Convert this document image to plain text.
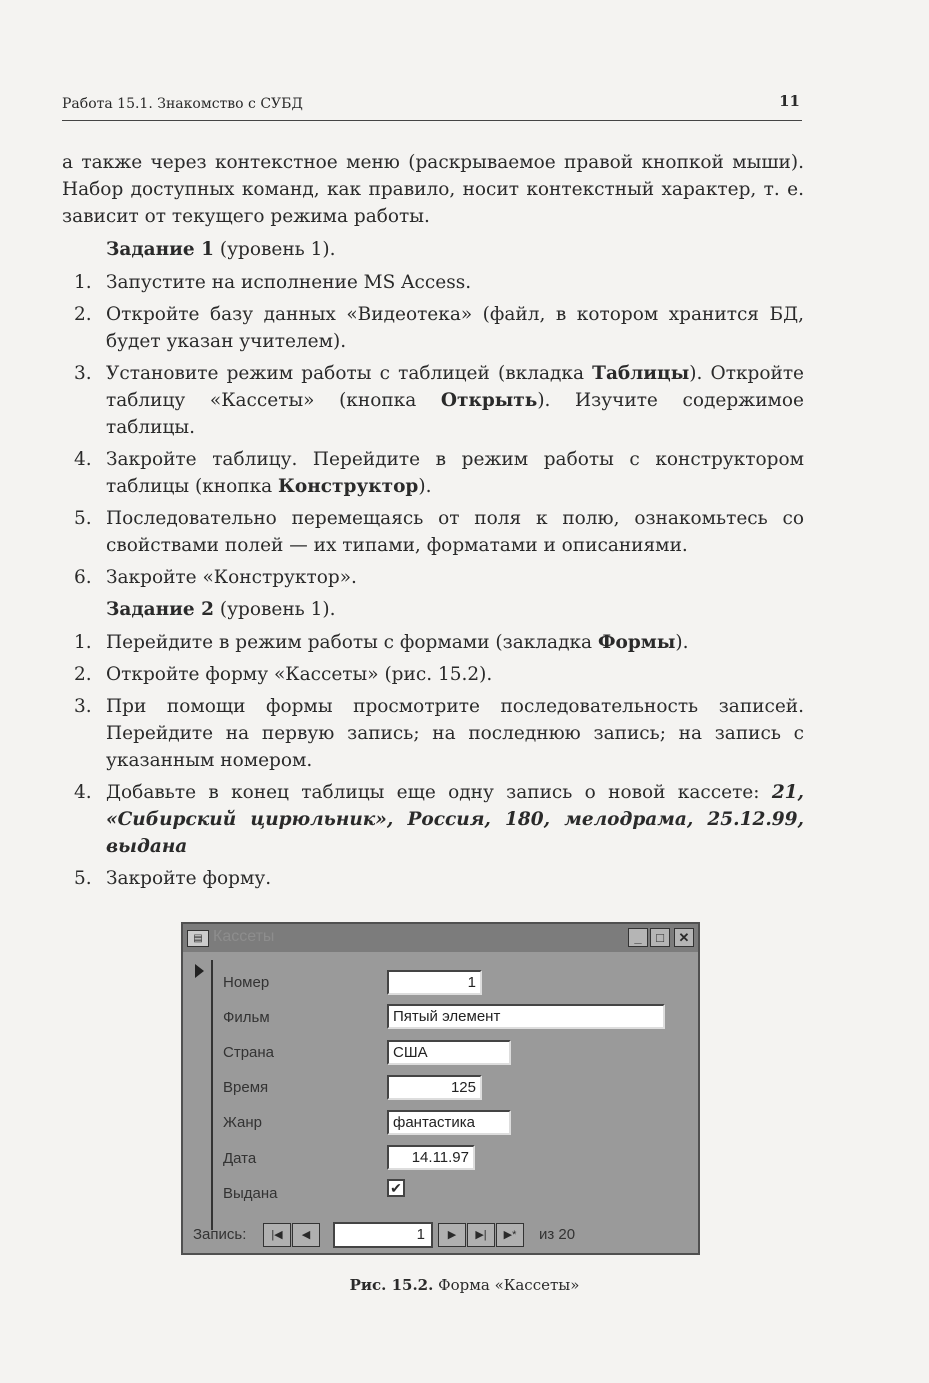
Работа 15.1. Знакомство с СУБД	11

а также через контекстное меню (раскрываемое правой кнопкой мыши). Набор доступных команд, как правило, носит контекстный характер, т. е. зависит от текущего режима работы.

Задание 1 (уровень 1).

1. Запустите на исполнение MS Access.
2. Откройте базу данных «Видеотека» (файл, в котором хранится БД, будет указан учителем).
3. Установите режим работы с таблицей (вкладка Таблицы). Откройте таблицу «Кассеты» (кнопка Открыть). Изучите содержимое таблицы.
4. Закройте таблицу. Перейдите в режим работы с конструктором таблицы (кнопка Конструктор).
5. Последовательно перемещаясь от поля к полю, ознакомьтесь со свойствами полей — их типами, форматами и описаниями.
6. Закройте «Конструктор».

Задание 2 (уровень 1).

1. Перейдите в режим работы с формами (закладка Формы).
2. Откройте форму «Кассеты» (рис. 15.2).
3. При помощи формы просмотрите последовательность записей. Перейдите на первую запись; на последнюю запись; на запись с указанным номером.
4. Добавьте в конец таблицы еще одну запись о новой кассете: 21, «Сибирский цирюльник», Россия, 180, мелодрама, 25.12.99, выдана
5. Закройте форму.
▤ Кассеты	_	□	✕
Номер	1
Фильм	Пятый элемент
Страна	США
Время	125
Жанр	фантастика
Дата	14.11.97
Выдана	✔
Запись:	|◀	◀	1	▶	▶|	▶*	из 20
Рис. 15.2. Форма «Кассеты»
